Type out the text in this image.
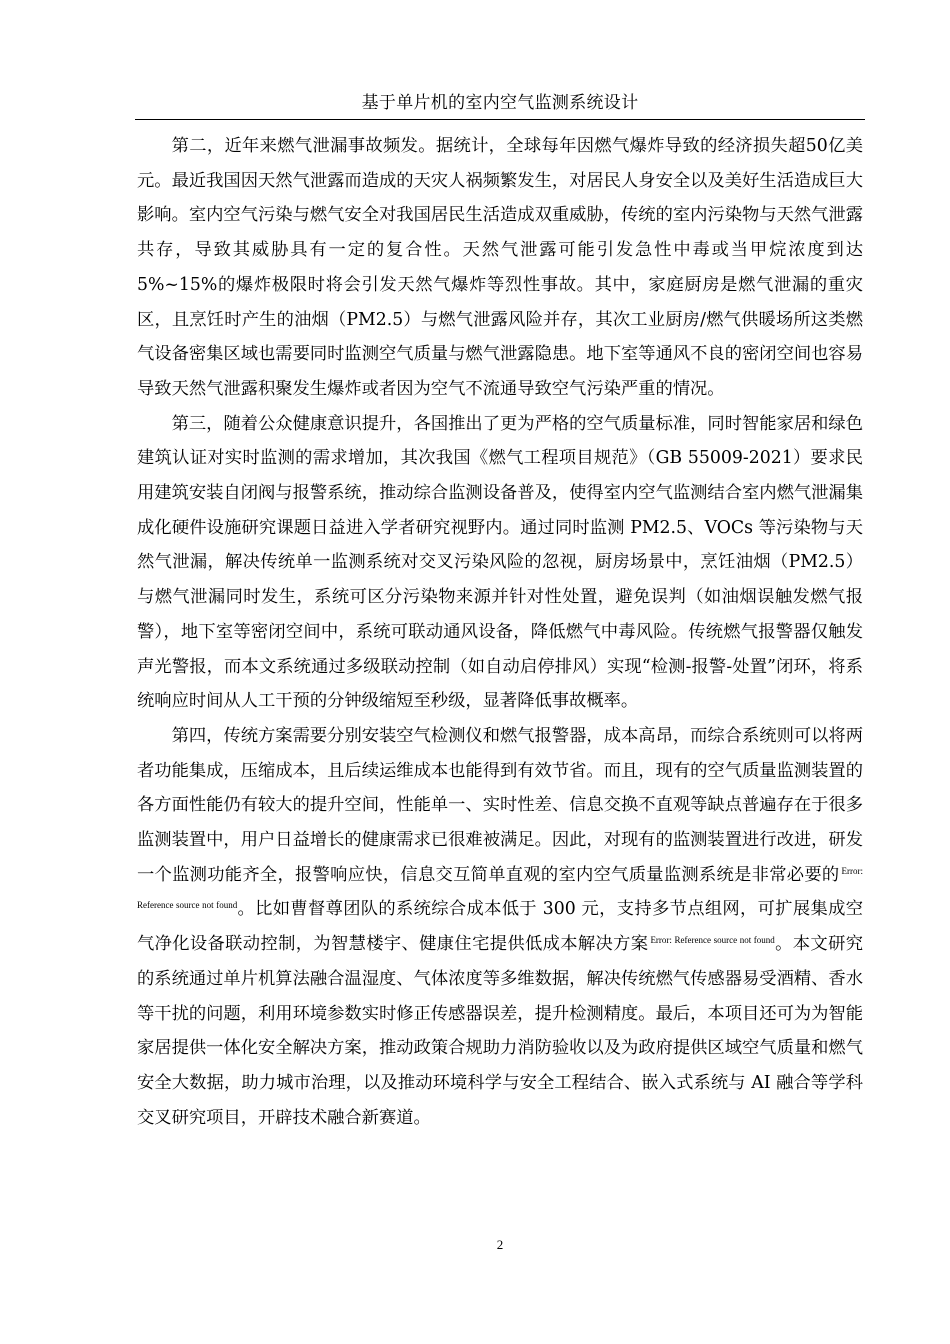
基于单片机的室内空气监测系统设计

第二，近年来燃气泄漏事故频发。据统计，全球每年因燃气爆炸导致的经济损失超50亿美元。最近我国因天然气泄露而造成的天灾人祸频繁发生，对居民人身安全以及美好生活造成巨大影响。室内空气污染与燃气安全对我国居民生活造成双重威胁，传统的室内污染物与天然气泄露共存，导致其威胁具有一定的复合性。天然气泄露可能引发急性中毒或当甲烷浓度到达 5%~15%的爆炸极限时将会引发天然气爆炸等烈性事故。其中，家庭厨房是燃气泄漏的重灾区，且烹饪时产生的油烟（PM2.5）与燃气泄露风险并存，其次工业厨房/燃气供暖场所这类燃气设备密集区域也需要同时监测空气质量与燃气泄露隐患。地下室等通风不良的密闭空间也容易导致天然气泄露积聚发生爆炸或者因为空气不流通导致空气污染严重的情况。

第三，随着公众健康意识提升，各国推出了更为严格的空气质量标准，同时智能家居和绿色建筑认证对实时监测的需求增加，其次我国《燃气工程项目规范》（GB 55009-2021）要求民用建筑安装自闭阀与报警系统，推动综合监测设备普及，使得室内空气监测结合室内燃气泄漏集成化硬件设施研究课题日益进入学者研究视野内。通过同时监测 PM2.5、VOCs 等污染物与天然气泄漏，解决传统单一监测系统对交叉污染风险的忽视，厨房场景中，烹饪油烟（PM2.5）与燃气泄漏同时发生，系统可区分污染物来源并针对性处置，避免误判（如油烟误触发燃气报警），地下室等密闭空间中，系统可联动通风设备，降低燃气中毒风险。传统燃气报警器仅触发声光警报，而本文系统通过多级联动控制（如自动启停排风）实现“检测-报警-处置”闭环，将系统响应时间从人工干预的分钟级缩短至秒级，显著降低事故概率。

第四，传统方案需要分别安装空气检测仪和燃气报警器，成本高昂，而综合系统则可以将两者功能集成，压缩成本，且后续运维成本也能得到有效节省。而且，现有的空气质量监测装置的各方面性能仍有较大的提升空间，性能单一、实时性差、信息交换不直观等缺点普遍存在于很多监测装置中，用户日益增长的健康需求已很难被满足。因此，对现有的监测装置进行改进，研发一个监测功能齐全，报警响应快，信息交互简单直观的室内空气质量监测系统是非常必要的 $^{Error: Reference source not found}$。比如曹督尊团队的系统综合成本低于 300 元，支持多节点组网，可扩展集成空气净化设备联动控制，为智慧楼宇、健康住宅提供低成本解决方案 $^{Error: Reference source not found}$。本文研究的系统通过单片机算法融合温湿度、气体浓度等多维数据，解决传统燃气传感器易受酒精、香水等干扰的问题，利用环境参数实时修正传感器误差，提升检测精度。最后，本项目还可为为智能家居提供一体化安全解决方案，推动政策合规助力消防验收以及为政府提供区域空气质量和燃气安全大数据，助力城市治理，以及推动环境科学与安全工程结合、嵌入式系统与 AI 融合等学科交叉研究项目，开辟技术融合新赛道。

2
